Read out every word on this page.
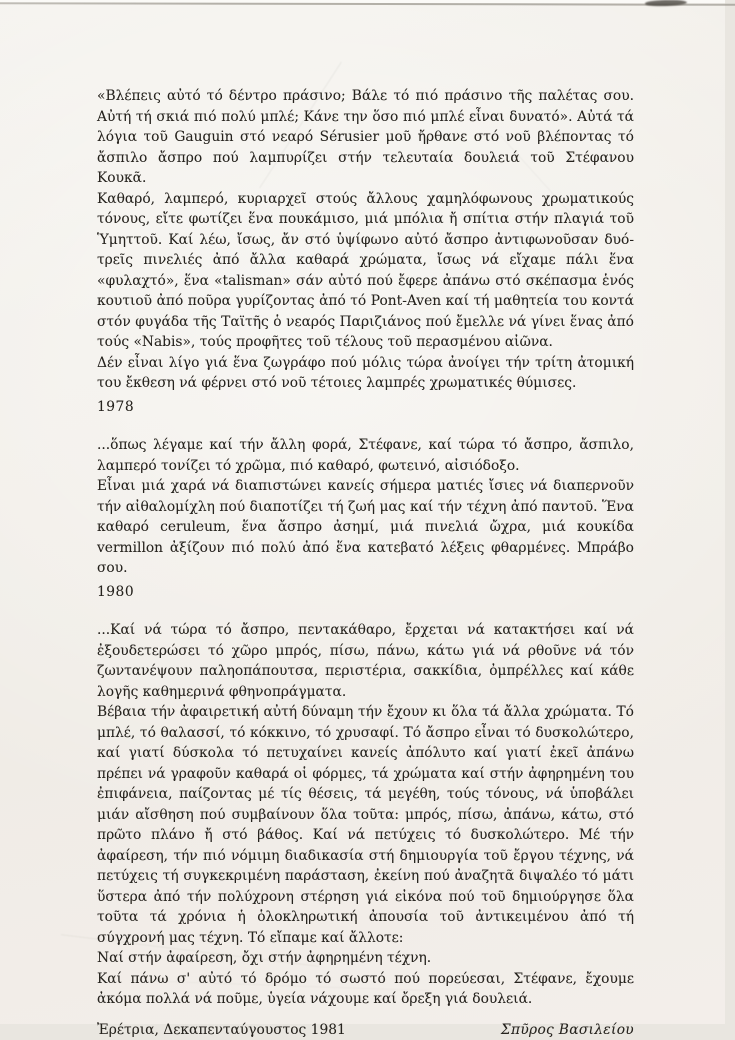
«Βλέπεις αὐτό τό δέντρο πράσινο; Βάλε τό πιό πράσινο τῆς παλέτας σου. Αὐτή τή σκιά πιό πολύ μπλέ; Κάνε την ὅσο πιό μπλέ εἶναι δυνατό». Αὐτά τά λόγια τοῦ Gauguin στό νεαρό Sérusier μοῦ ἤρθανε στό νοῦ βλέποντας τό ἄσπιλο ἄσπρο πού λαμπυρίζει στήν τελευταία δουλειά τοῦ Στέφανου Κουκᾶ.

Καθαρό, λαμπερό, κυριαρχεῖ στούς ἄλλους χαμηλόφωνους χρωματικούς τόνους, εἴτε φωτίζει ἕνα πουκάμισο, μιά μπόλια ἤ σπίτια στήν πλαγιά τοῦ Ὑμηττοῦ. Καί λέω, ἴσως, ἄν στό ὑψίφωνο αὐτό ἄσπρο ἀντιφωνοῦσαν δυό-τρεῖς πινελιές ἀπό ἄλλα καθαρά χρώματα, ἴσως νά εἴχαμε πάλι ἕνα «φυλαχτό», ἕνα «talisman» σάν αὐτό πού ἔφερε ἀπάνω στό σκέπασμα ἑνός κουτιοῦ ἀπό ποῦρα γυρίζοντας ἀπό τό Pont-Aven καί τή μαθητεία του κοντά στόν φυγάδα τῆς Ταϊτῆς ὁ νεαρός Παριζιάνος πού ἔμελλε νά γίνει ἕνας ἀπό τούς «Nabis», τούς προφῆτες τοῦ τέλους τοῦ περασμένου αἰῶνα.

Δέν εἶναι λίγο γιά ἕνα ζωγράφο πού μόλις τώρα ἀνοίγει τήν τρίτη ἀτομική του ἔκθεση νά φέρνει στό νοῦ τέτοιες λαμπρές χρωματικές θύμισες.

1978

...ὅπως λέγαμε καί τήν ἄλλη φορά, Στέφανε, καί τώρα τό ἄσπρο, ἄσπιλο, λαμπερό τονίζει τό χρῶμα, πιό καθαρό, φωτεινό, αἰσιόδοξο.

Εἶναι μιά χαρά νά διαπιστώνει κανείς σήμερα ματιές ἴσιες νά διαπερνοῦν τήν αἰθαλομίχλη πού διαποτίζει τή ζωή μας καί τήν τέχνη ἀπό παντοῦ. Ἕνα καθαρό ceruleum, ἕνα ἄσπρο ἀσημί, μιά πινελιά ὤχρα, μιά κουκίδα vermillon ἀξίζουν πιό πολύ ἀπό ἕνα κατεβατό λέξεις φθαρμένες. Μπράβο σου.

1980

...Καί νά τώρα τό ἄσπρο, πεντακάθαρο, ἔρχεται νά κατακτήσει καί νά ἐξουδετερώσει τό χῶρο μπρός, πίσω, πάνω, κάτω γιά νά ρθοῦνε νά τόν ζωντανέψουν παληοπάπουτσα, περιστέρια, σακκίδια, ὀμπρέλλες καί κάθε λογῆς καθημερινά φθηνοπράγματα.

Βέβαια τήν ἀφαιρετική αὐτή δύναμη τήν ἔχουν κι ὅλα τά ἄλλα χρώματα. Τό μπλέ, τό θαλασσί, τό κόκκινο, τό χρυσαφί. Τό ἄσπρο εἶναι τό δυσκολώτερο, καί γιατί δύσκολα τό πετυχαίνει κανείς ἀπόλυτο καί γιατί ἐκεῖ ἀπάνω πρέπει νά γραφοῦν καθαρά οἱ φόρμες, τά χρώματα καί στήν ἀφηρημένη του ἐπιφάνεια, παίζοντας μέ τίς θέσεις, τά μεγέθη, τούς τόνους, νά ὑποβάλει μιάν αἴσθηση πού συμβαίνουν ὅλα τοῦτα: μπρός, πίσω, ἀπάνω, κάτω, στό πρῶτο πλάνο ἤ στό βάθος. Καί νά πετύχεις τό δυσκολώτερο. Μέ τήν ἀφαίρεση, τήν πιό νόμιμη διαδικασία στή δημιουργία τοῦ ἔργου τέχνης, νά πετύχεις τή συγκεκριμένη παράσταση, ἐκείνη πού ἀναζητᾶ διψαλέο τό μάτι ὕστερα ἀπό τήν πολύχρονη στέρηση γιά εἰκόνα πού τοῦ δημιούργησε ὅλα τοῦτα τά χρόνια ἡ ὁλοκληρωτική ἀπουσία τοῦ ἀντικειμένου ἀπό τή σύγχρονή μας τέχνη. Τό εἴπαμε καί ἄλλοτε:

Ναί στήν ἀφαίρεση, ὄχι στήν ἀφηρημένη τέχνη.

Καί πάνω σ' αὐτό τό δρόμο τό σωστό πού πορεύεσαι, Στέφανε, ἔχουμε ἀκόμα πολλά νά ποῦμε, ὑγεία νάχουμε καί ὄρεξη γιά δουλειά.

Ἐρέτρια, Δεκαπενταύγουστος 1981	Σπῦρος Βασιλείου
